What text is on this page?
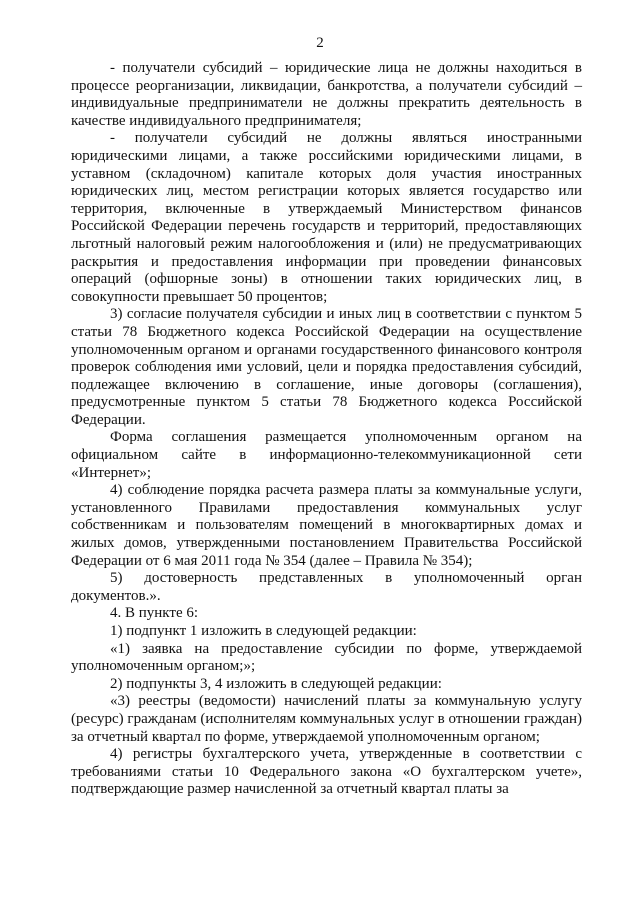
2

- получатели субсидий – юридические лица не должны находиться в процессе реорганизации, ликвидации, банкротства, а получатели субсидий – индивидуальные предприниматели не должны прекратить деятельность в качестве индивидуального предпринимателя;

- получатели субсидий не должны являться иностранными юридическими лицами, а также российскими юридическими лицами, в уставном (складочном) капитале которых доля участия иностранных юридических лиц, местом регистрации которых является государство или территория, включенные в утверждаемый Министерством финансов Российской Федерации перечень государств и территорий, предоставляющих льготный налоговый режим налогообложения и (или) не предусматривающих раскрытия и предоставления информации при проведении финансовых операций (офшорные зоны) в отношении таких юридических лиц, в совокупности превышает 50 процентов;

3) согласие получателя субсидии и иных лиц в соответствии с пунктом 5 статьи 78 Бюджетного кодекса Российской Федерации на осуществление уполномоченным органом и органами государственного финансового контроля проверок соблюдения ими условий, цели и порядка предоставления субсидий, подлежащее включению в соглашение, иные договоры (соглашения), предусмотренные пунктом 5 статьи 78 Бюджетного кодекса Российской Федерации.

Форма соглашения размещается уполномоченным органом на официальном сайте в информационно-телекоммуникационной сети «Интернет»;

4) соблюдение порядка расчета размера платы за коммунальные услуги, установленного Правилами предоставления коммунальных услуг собственникам и пользователям помещений в многоквартирных домах и жилых домов, утвержденными постановлением Правительства Российской Федерации от 6 мая 2011 года № 354 (далее – Правила № 354);

5) достоверность представленных в уполномоченный орган документов.».

4. В пункте 6:

1) подпункт 1 изложить в следующей редакции:

«1) заявка на предоставление субсидии по форме, утверждаемой уполномоченным органом;»;

2) подпункты 3, 4 изложить в следующей редакции:

«3) реестры (ведомости) начислений платы за коммунальную услугу (ресурс) гражданам (исполнителям коммунальных услуг в отношении граждан) за отчетный квартал по форме, утверждаемой уполномоченным органом;

4) регистры бухгалтерского учета, утвержденные в соответствии с требованиями статьи 10 Федерального закона «О бухгалтерском учете», подтверждающие размер начисленной за отчетный квартал платы за
